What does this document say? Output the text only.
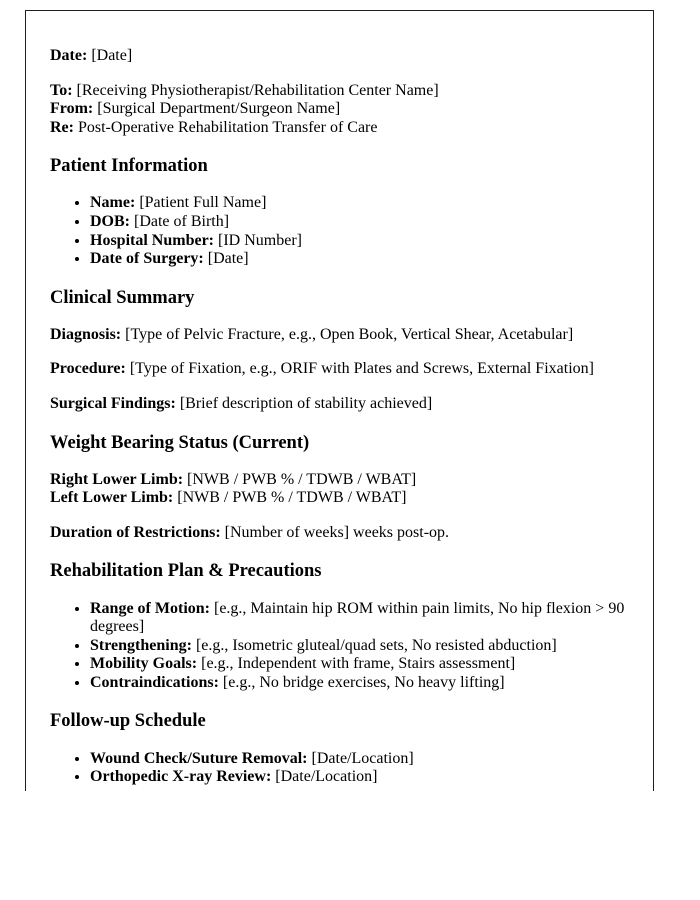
Date: [Date]

To: [Receiving Physiotherapist/Rehabilitation Center Name]
From: [Surgical Department/Surgeon Name]
Re: Post-Operative Rehabilitation Transfer of Care
Patient Information
• Name: [Patient Full Name]
• DOB: [Date of Birth]
• Hospital Number: [ID Number]
• Date of Surgery: [Date]
Clinical Summary

Diagnosis: [Type of Pelvic Fracture, e.g., Open Book, Vertical Shear, Acetabular]

Procedure: [Type of Fixation, e.g., ORIF with Plates and Screws, External Fixation]

Surgical Findings: [Brief description of stability achieved]

Weight Bearing Status (Current)
Right Lower Limb: [NWB / PWB % / TDWB / WBAT]
Left Lower Limb: [NWB / PWB % / TDWB / WBAT]

Duration of Restrictions: [Number of weeks] weeks post-op.

Rehabilitation Plan & Precautions
• Range of Motion: [e.g., Maintain hip ROM within pain limits, No hip flexion > 90 degrees]
• Strengthening: [e.g., Isometric gluteal/quad sets, No resisted abduction]
• Mobility Goals: [e.g., Independent with frame, Stairs assessment]
• Contraindications: [e.g., No bridge exercises, No heavy lifting]
Follow-up Schedule
• Wound Check/Suture Removal: [Date/Location]
• Orthopedic X-ray Review: [Date/Location]
